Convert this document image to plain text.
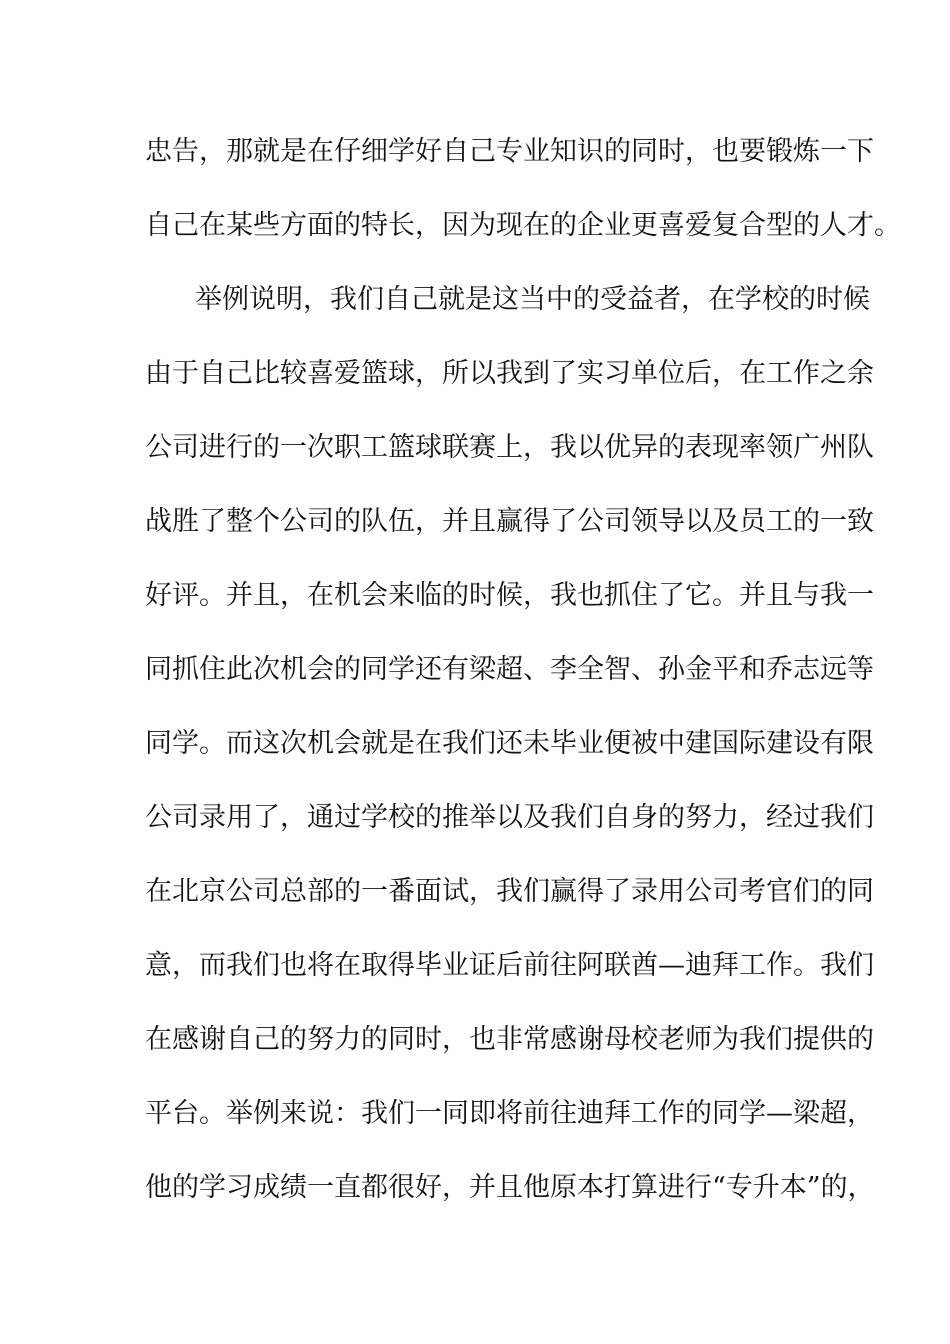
忠告，那就是在仔细学好自己专业知识的同时，也要锻炼一下
自己在某些方面的特长，因为现在的企业更喜爱复合型的人才。
举例说明，我们自己就是这当中的受益者，在学校的时候
由于自己比较喜爱篮球，所以我到了实习单位后，在工作之余
公司进行的一次职工篮球联赛上，我以优异的表现率领广州队
战胜了整个公司的队伍，并且赢得了公司领导以及员工的一致
好评。并且，在机会来临的时候，我也抓住了它。并且与我一
同抓住此次机会的同学还有梁超、李全智、孙金平和乔志远等
同学。而这次机会就是在我们还未毕业便被中建国际建设有限
公司录用了，通过学校的推举以及我们自身的努力，经过我们
在北京公司总部的一番面试，我们赢得了录用公司考官们的同
意，而我们也将在取得毕业证后前往阿联酋—迪拜工作。我们
在感谢自己的努力的同时，也非常感谢母校老师为我们提供的
平台。举例来说：我们一同即将前往迪拜工作的同学—梁超，
他的学习成绩一直都很好，并且他原本打算进行“专升本”的，
